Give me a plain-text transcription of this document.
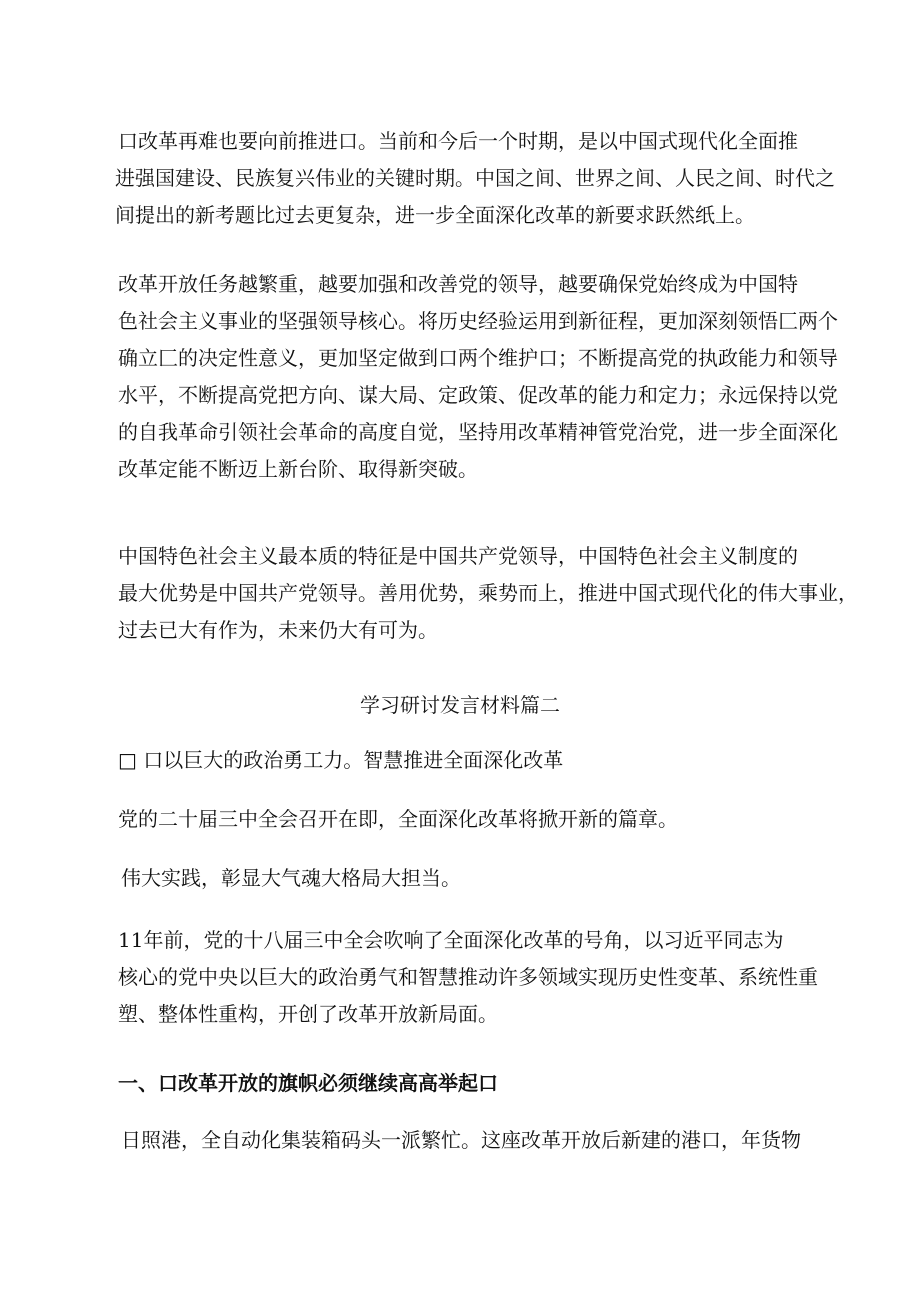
口改革再难也要向前推进口。当前和今后一个时期，是以中国式现代化全面推
进强国建设、民族复兴伟业的关键时期。中国之间、世界之间、人民之间、时代之
间提出的新考题比过去更复杂，进一步全面深化改革的新要求跃然纸上。

改革开放任务越繁重，越要加强和改善党的领导，越要确保党始终成为中国特
色社会主义事业的坚强领导核心。将历史经验运用到新征程，更加深刻领悟匚两个
确立匚的决定性意义，更加坚定做到口两个维护口；不断提高党的执政能力和领导
水平，不断提高党把方向、谋大局、定政策、促改革的能力和定力；永远保持以党
的自我革命引领社会革命的高度自觉，坚持用改革精神管党治党，进一步全面深化
改革定能不断迈上新台阶、取得新突破。

中国特色社会主义最本质的特征是中国共产党领导，中国特色社会主义制度的
最大优势是中国共产党领导。善用优势，乘势而上，推进中国式现代化的伟大事业，
过去已大有作为，未来仍大有可为。

学习研讨发言材料篇二

□ 口以巨大的政治勇工力。智慧推进全面深化改革

党的二十届三中全会召开在即，全面深化改革将掀开新的篇章。

伟大实践，彰显大气魂大格局大担当。

11年前，党的十八届三中全会吹响了全面深化改革的号角，以习近平同志为
核心的党中央以巨大的政治勇气和智慧推动许多领域实现历史性变革、系统性重
塑、整体性重构，开创了改革开放新局面。

一、口改革开放的旗帜必须继续高高举起口

日照港，全自动化集装箱码头一派繁忙。这座改革开放后新建的港口，年货物
